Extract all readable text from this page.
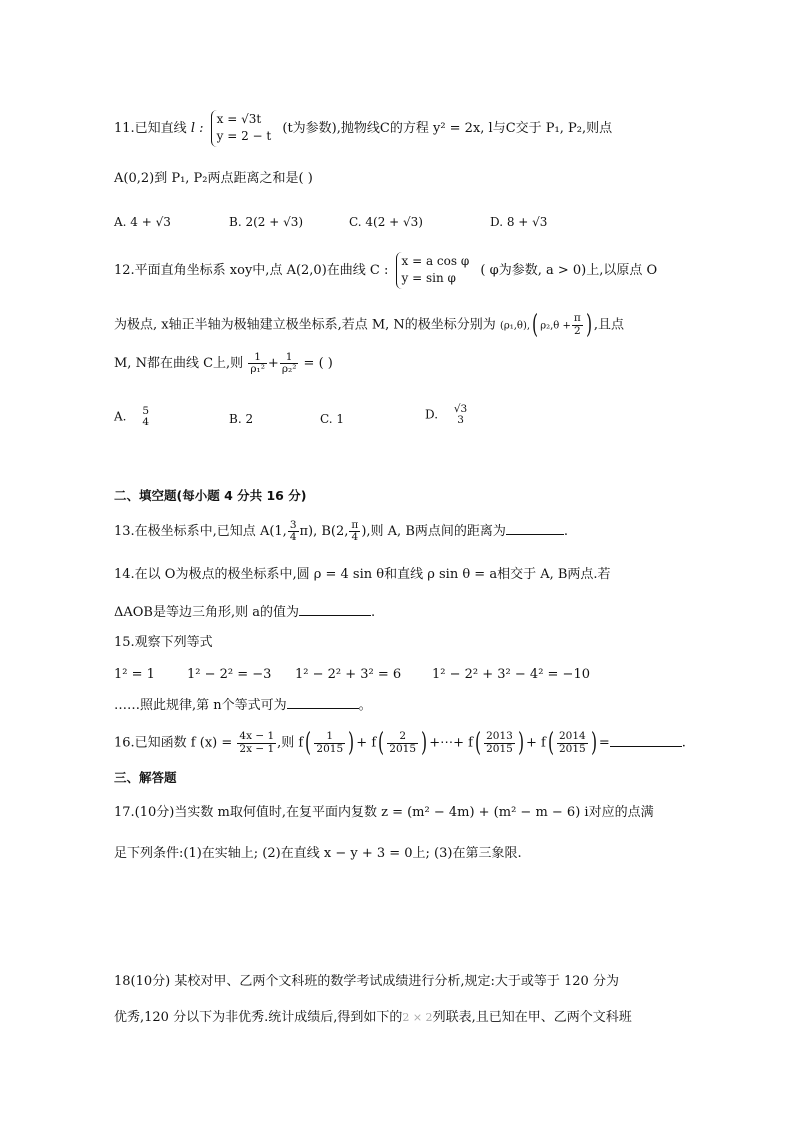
11.已知直线 l :
x = √3t
y = 2 − t
(t为参数),抛物线C的方程 y² = 2x, l与C交于 P₁, P₂,则点
A(0,2)到 P₁, P₂两点距离之和是( )
A. 4 + √3	B. 2(2 + √3)	C. 4(2 + √3)	D. 8 + √3
12.平面直角坐标系 xoy中,点 A(2,0)在曲线 C :
x = a cos φ
y = sin φ
( φ为参数, a > 0)上,以原点 O
为极点, x轴正半轴为极轴建立极坐标系,若点 M, N的极坐标分别为 (ρ₁,θ),( $\rho_2,\theta + \frac{\pi}{2}$ ) ,且点
M, N都在曲线 C上,则 $\frac{1}{\text{ρ₁²}} + \frac{1}{\text{ρ₂²}}$ = ( )
A. 5
4	B. 2	C. 1	D. √3
3
二、填空题(每小题 4 分共 16 分)
13.在极坐标系中,已知点 A(1, $\frac{3}{4} \pi$), B(2, $\frac{\pi}{4}$ ),则 A, B两点间的距离为	.
14.在以 O为极点的极坐标系中,圆 ρ = 4 sin θ和直线 ρ sin θ = a相交于 A, B两点.若
ΔAOB是等边三角形,则 a的值为	.
15.观察下列等式
1² = 1 1² − 2² = −3 1² − 2² + 3² = 6 1² − 2² + 3² − 4² = −10
……照此规律,第 n个等式可为	。
16.已知函数 f $(x) = \frac{4x - 1}{2x - 1}$ ,则 $f( \frac{1}{2015}$ ) + $f( \frac{2}{2015}$ ) +⋯+ $f( \frac{2013}{2015}$ ) + $f( \frac{2014}{2015}$ ) =	.
三、解答题
17.(10分)当实数 m取何值时,在复平面内复数 z = (m² − 4m) + (m² − m − 6) i对应的点满
足下列条件:(1)在实轴上; (2)在直线 x − y + 3 = 0上; (3)在第三象限.
18(10分) 某校对甲、乙两个文科班的数学考试成绩进行分析,规定:大于或等于 120 分为
优秀,120 分以下为非优秀.统计成绩后,得到如下的2 × 2列联表,且已知在甲、乙两个文科班
